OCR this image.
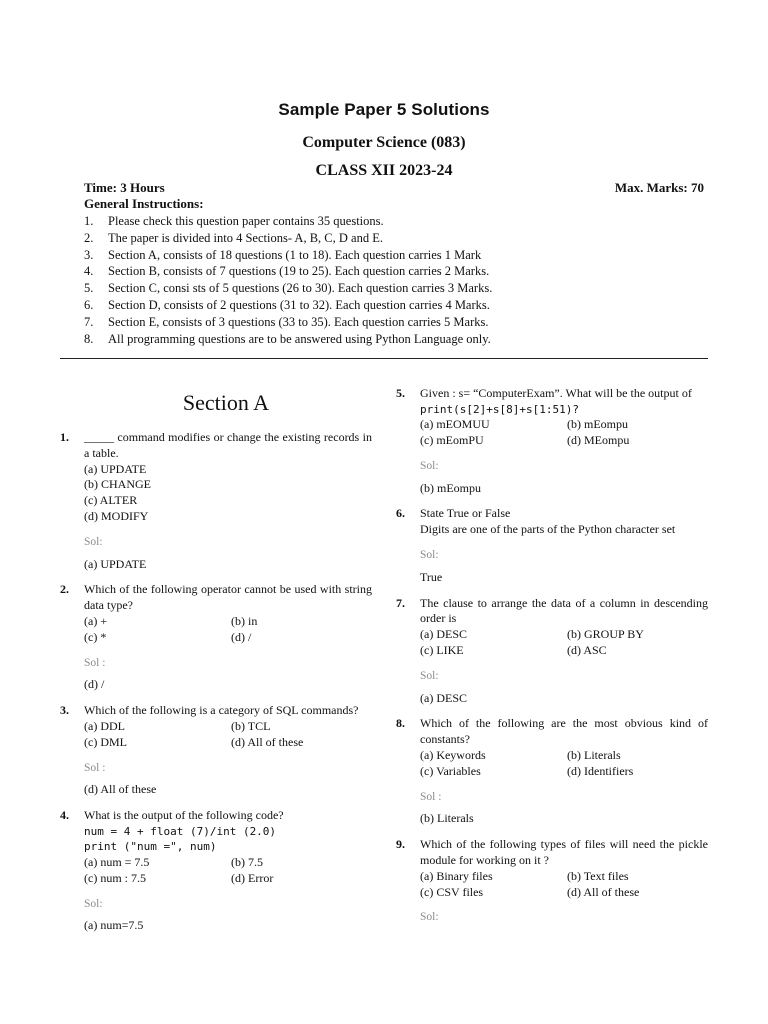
Sample Paper 5 Solutions
Computer Science (083)
CLASS XII 2023-24
Time: 3 Hours	Max. Marks: 70
General Instructions:
1. Please check this question paper contains 35 questions.
2. The paper is divided into 4 Sections- A, B, C, D and E.
3. Section A, consists of 18 questions (1 to 18). Each question carries 1 Mark
4. Section B, consists of 7 questions (19 to 25). Each question carries 2 Marks.
5. Section C, consi sts of 5 questions (26 to 30). Each question carries 3 Marks.
6. Section D, consists of 2 questions (31 to 32). Each question carries 4 Marks.
7. Section E, consists of 3 questions (33 to 35). Each question carries 5 Marks.
8. All programming questions are to be answered using Python Language only.
Section A
1. _____ command modifies or change the existing records in a table.
(a) UPDATE
(b) CHANGE
(c) ALTER
(d) MODIFY
Sol:
(a) UPDATE
2. Which of the following operator cannot be used with string data type?
(a) +	(b) in
(c) *	(d) /
Sol :
(d) /
3. Which of the following is a category of SQL commands?
(a) DDL	(b) TCL
(c) DML	(d) All of these
Sol :
(d) All of these
4. What is the output of the following code?
num = 4 + float (7)/int (2.0)
print ("num =", num)
(a) num = 7.5	(b) 7.5
(c) num : 7.5	(d) Error
Sol:
(a) num=7.5
5. Given : s= “ComputerExam”. What will be the output of
print(s[2]+s[8]+s[1:51)?
(a) mEOMUU	(b) mEompu
(c) mEomPU	(d) MEompu
Sol:
(b) mEompu
6. State True or False
Digits are one of the parts of the Python character set
Sol:
True
7. The clause to arrange the data of a column in descending order is
(a) DESC	(b) GROUP BY
(c) LIKE	(d) ASC
Sol:
(a) DESC
8. Which of the following are the most obvious kind of constants?
(a) Keywords	(b) Literals
(c) Variables	(d) Identifiers
Sol :
(b) Literals
9. Which of the following types of files will need the pickle module for working on it ?
(a) Binary files	(b) Text files
(c) CSV files	(d) All of these
Sol:
